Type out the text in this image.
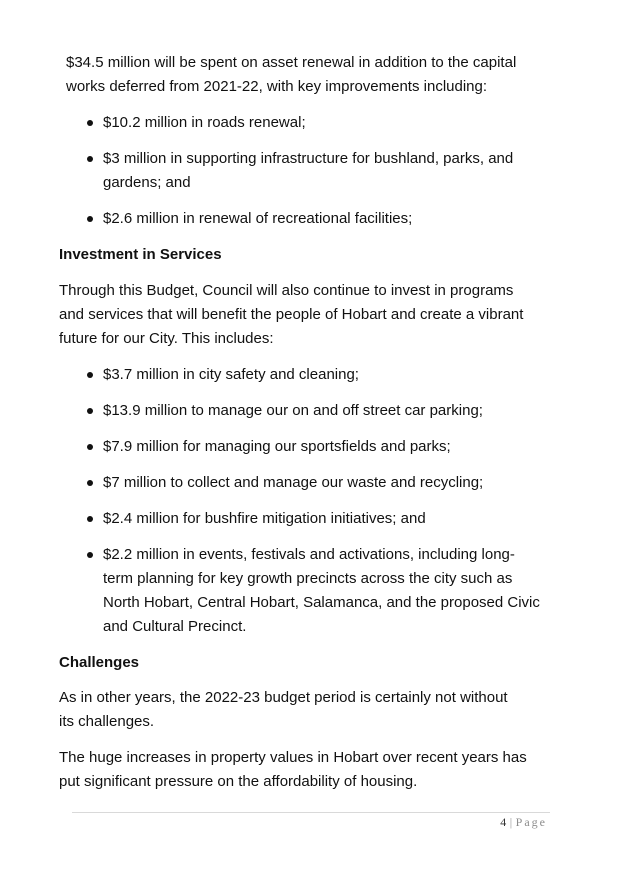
$34.5 million will be spent on asset renewal in addition to the capital works deferred from 2021-22, with key improvements including:

$10.2 million in roads renewal;
$3 million in supporting infrastructure for bushland, parks, and gardens; and
$2.6 million in renewal of recreational facilities;
Investment in Services

Through this Budget, Council will also continue to invest in programs and services that will benefit the people of Hobart and create a vibrant future for our City. This includes:

$3.7 million in city safety and cleaning;
$13.9 million to manage our on and off street car parking;
$7.9 million for managing our sportsfields and parks;
$7 million to collect and manage our waste and recycling;
$2.4 million for bushfire mitigation initiatives; and
$2.2 million in events, festivals and activations, including long-term planning for key growth precincts across the city such as North Hobart, Central Hobart, Salamanca, and the proposed Civic and Cultural Precinct.
Challenges

As in other years, the 2022-23 budget period is certainly not without its challenges.

The huge increases in property values in Hobart over recent years has put significant pressure on the affordability of housing.

4 | Page
